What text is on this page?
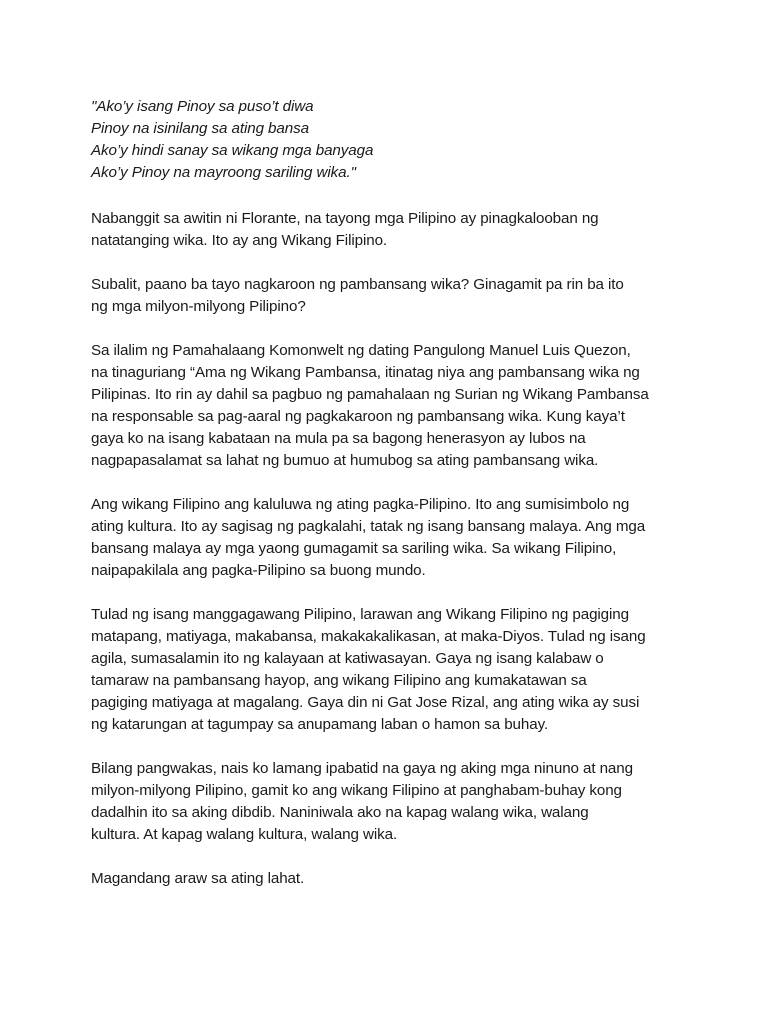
"Ako’y isang Pinoy sa puso’t diwa
Pinoy na isinilang sa ating bansa
Ako’y hindi sanay sa wikang mga banyaga
Ako’y Pinoy na mayroong sariling wika."
Nabanggit sa awitin ni Florante, na tayong mga Pilipino ay pinagkalooban ng
natatanging wika. Ito ay ang Wikang Filipino.
Subalit, paano ba tayo nagkaroon ng pambansang wika? Ginagamit pa rin ba ito
ng mga milyon-milyong Pilipino?
Sa ilalim ng Pamahalaang Komonwelt ng dating Pangulong Manuel Luis Quezon,
na tinaguriang “Ama ng Wikang Pambansa, itinatag niya ang pambansang wika ng
Pilipinas. Ito rin ay dahil sa pagbuo ng pamahalaan ng Surian ng Wikang Pambansa
na responsable sa pag-aaral ng pagkakaroon ng pambansang wika. Kung kaya’t
gaya ko na isang kabataan na mula pa sa bagong henerasyon ay lubos na
nagpapasalamat sa lahat ng bumuo at humubog sa ating pambansang wika.
Ang wikang Filipino ang kaluluwa ng ating pagka-Pilipino. Ito ang sumisimbolo ng
ating kultura. Ito ay sagisag ng pagkalahi, tatak ng isang bansang malaya. Ang mga
bansang malaya ay mga yaong gumagamit sa sariling wika. Sa wikang Filipino,
naipapakilala ang pagka-Pilipino sa buong mundo.
Tulad ng isang manggagawang Pilipino, larawan ang Wikang Filipino ng pagiging
matapang, matiyaga, makabansa, makakakalikasan, at maka-Diyos. Tulad ng isang
agila, sumasalamin ito ng kalayaan at katiwasayan. Gaya ng isang kalabaw o
tamaraw na pambansang hayop, ang wikang Filipino ang kumakatawan sa
pagiging matiyaga at magalang. Gaya din ni Gat Jose Rizal, ang ating wika ay susi
ng katarungan at tagumpay sa anupamang laban o hamon sa buhay.
Bilang pangwakas, nais ko lamang ipabatid na gaya ng aking mga ninuno at nang
milyon-milyong Pilipino, gamit ko ang wikang Filipino at panghabam-buhay kong
dadalhin ito sa aking dibdib. Naniniwala ako na kapag walang wika, walang
kultura. At kapag walang kultura, walang wika.
Magandang araw sa ating lahat.
